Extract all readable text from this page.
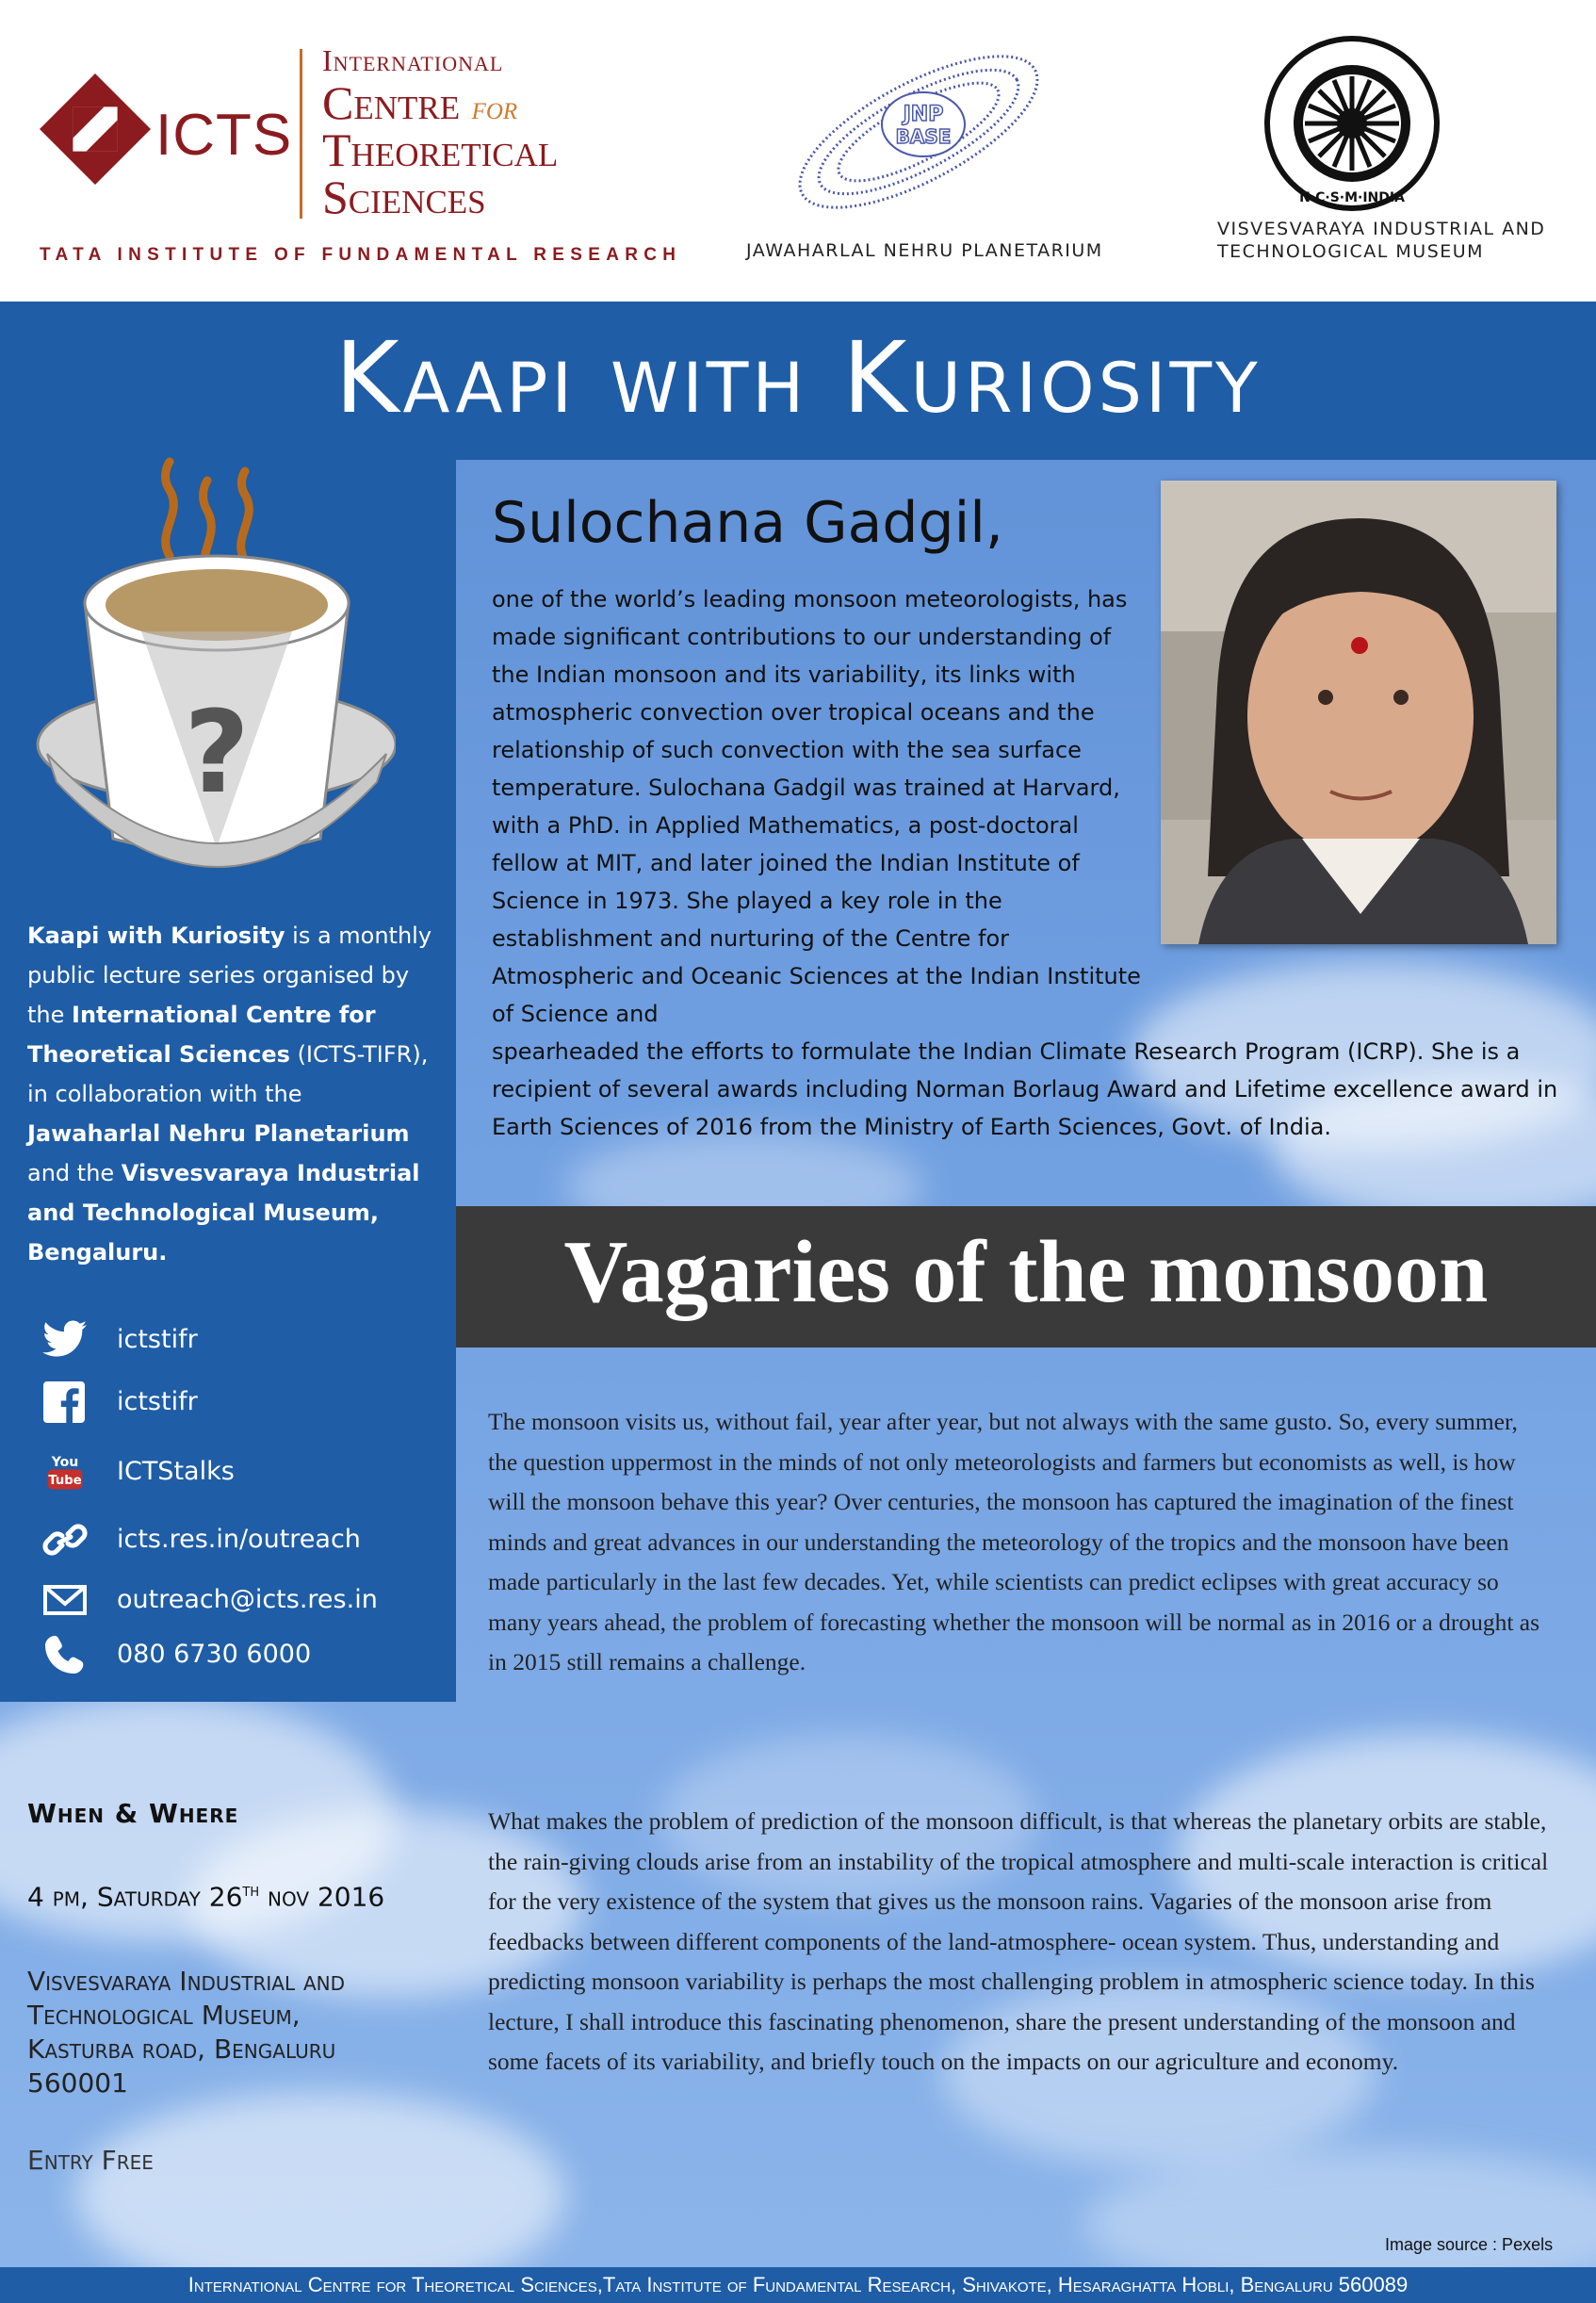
ICTS
International
Centre for
Theoretical
Sciences
TATA INSTITUTE OF FUNDAMENTAL RESEARCH
JNP
BASE
JAWAHARLAL NEHRU PLANETARIUM
N·C·S·M·INDIA
VISVESVARAYA INDUSTRIAL AND
TECHNOLOGICAL MUSEUM
Kaapi with Kuriosity
?
Kaapi with Kuriosity is a monthly public lecture series organised by the International Centre for Theoretical Sciences (ICTS-TIFR), in collaboration with the Jawaharlal Nehru Planetarium and the Visvesvaraya Industrial and Technological Museum, Bengaluru.
ictstifr
ictstifr
You
Tube ICTStalks
icts.res.in/outreach
outreach@icts.res.in
080 6730 6000
Sulochana Gadgil,
one of the world’s leading monsoon meteorologists, has made significant contributions to our understanding of the Indian monsoon and its variability, its links with atmospheric convection over tropical oceans and the relationship of such convection with the sea surface temperature. Sulochana Gadgil was trained at Harvard, with a PhD. in Applied Mathematics, a post-doctoral fellow at MIT, and later joined the Indian Institute of Science in 1973. She played a key role in the establishment and nurturing of the Centre for Atmospheric and Oceanic Sciences at the Indian Institute of Science and
spearheaded the efforts to formulate the Indian Climate Research Program (ICRP). She is a recipient of several awards including Norman Borlaug Award and Lifetime excellence award in Earth Sciences of 2016 from the Ministry of Earth Sciences, Govt. of India.
Vagaries of the monsoon
The monsoon visits us, without fail, year after year, but not always with the same gusto. So, every summer, the question uppermost in the minds of not only meteorologists and farmers but economists as well, is how will the monsoon behave this year? Over centuries, the monsoon has captured the imagination of the finest minds and great advances in our understanding the meteorology of the tropics and the monsoon have been made particularly in the last few decades. Yet, while scientists can predict eclipses with great accuracy so many years ahead, the problem of forecasting whether the monsoon will be normal as in 2016 or a drought as in 2015 still remains a challenge.
What makes the problem of prediction of the monsoon difficult, is that whereas the planetary orbits are stable, the rain-giving clouds arise from an instability of the tropical atmosphere and multi-scale interaction is critical for the very existence of the system that gives us the monsoon rains. Vagaries of the monsoon arise from feedbacks between different components of the land-atmosphere- ocean system. Thus, understanding and predicting monsoon variability is perhaps the most challenging problem in atmospheric science today. In this lecture, I shall introduce this fascinating phenomenon, share the present understanding of the monsoon and some facets of its variability, and briefly touch on the impacts on our agriculture and economy.
When & Where
4 pm, Saturday 26th nov 2016
Visvesvaraya Industrial and
Technological Museum,
Kasturba road, Bengaluru
560001
Entry Free
Image source : Pexels
International Centre for Theoretical Sciences,Tata Institute of Fundamental Research, Shivakote, Hesaraghatta Hobli, Bengaluru 560089
